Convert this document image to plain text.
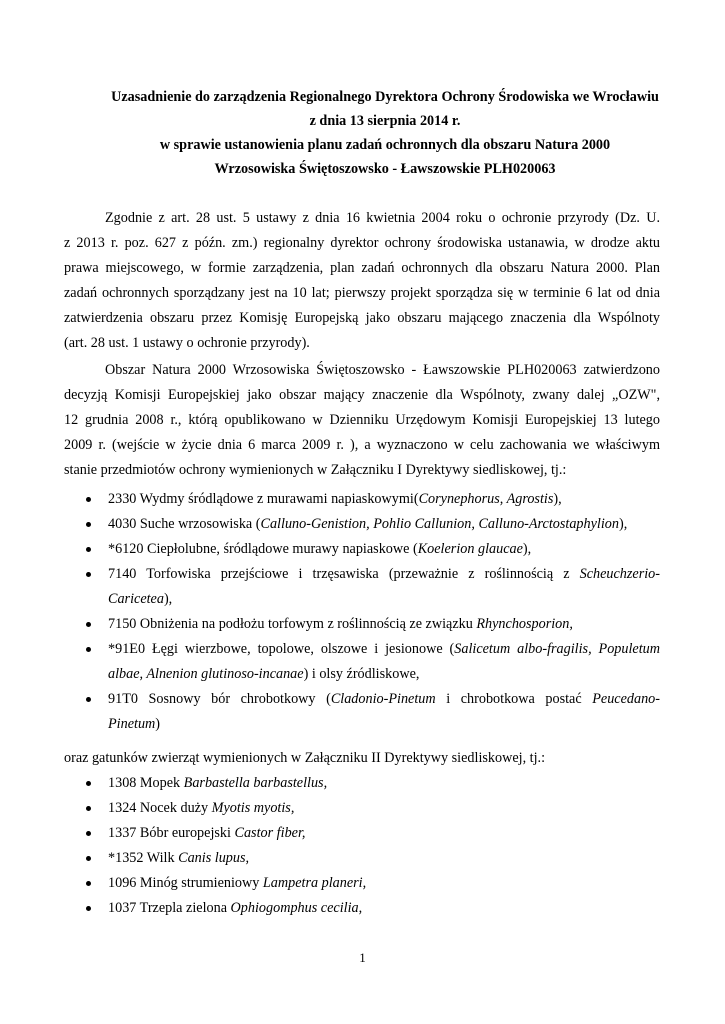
Uzasadnienie do zarządzenia Regionalnego Dyrektora Ochrony Środowiska we Wrocławiu
z dnia 13 sierpnia 2014 r.
w sprawie ustanowienia planu zadań ochronnych dla obszaru Natura 2000
Wrzosowiska Świętoszowsko - Ławszowskie PLH020063

Zgodnie z art. 28 ust. 5 ustawy z dnia 16 kwietnia 2004 roku o ochronie przyrody (Dz. U.
z 2013 r. poz. 627 z późn. zm.) regionalny dyrektor ochrony środowiska ustanawia, w drodze aktu
prawa miejscowego, w formie zarządzenia, plan zadań ochronnych dla obszaru Natura 2000. Plan
zadań ochronnych sporządzany jest na 10 lat; pierwszy projekt sporządza się w terminie 6 lat od dnia
zatwierdzenia obszaru przez Komisję Europejską jako obszaru mającego znaczenia dla Wspólnoty
(art. 28 ust. 1 ustawy o ochronie przyrody).

Obszar Natura 2000 Wrzosowiska Świętoszowsko - Ławszowskie PLH020063 zatwierdzono
decyzją Komisji Europejskiej jako obszar mający znaczenie dla Wspólnoty, zwany dalej „OZW",
12 grudnia 2008 r., którą opublikowano w Dzienniku Urzędowym Komisji Europejskiej 13 lutego
2009 r. (wejście w życie dnia 6 marca 2009 r. ), a wyznaczono w celu zachowania we właściwym
stanie przedmiotów ochrony wymienionych w Załączniku I Dyrektywy siedliskowej, tj.:

2330 Wydmy śródlądowe z murawami napiaskowymi(Corynephorus, Agrostis),
4030 Suche wrzosowiska (Calluno-Genistion, Pohlio Callunion, Calluno-Arctostaphylion),
*6120 Ciepłolubne, śródlądowe murawy napiaskowe (Koelerion glaucae),
7140 Torfowiska przejściowe i trzęsawiska (przeważnie z roślinnością z Scheuchzerio-
Caricetea),
7150 Obniżenia na podłożu torfowym z roślinnością ze związku Rhynchosporion,
*91E0 Łęgi wierzbowe, topolowe, olszowe i jesionowe (Salicetum albo-fragilis, Populetum
albae, Alnenion glutinoso-incanae) i olsy źródliskowe,
91T0 Sosnowy bór chrobotkowy (Cladonio-Pinetum i chrobotkowa postać Peucedano-
Pinetum)

oraz gatunków zwierząt wymienionych w Załączniku II Dyrektywy siedliskowej, tj.:

1308 Mopek Barbastella barbastellus,
1324 Nocek duży Myotis myotis,
1337 Bóbr europejski Castor fiber,
*1352 Wilk Canis lupus,
1096 Minóg strumieniowy Lampetra planeri,
1037 Trzepla zielona Ophiogomphus cecilia,
1
